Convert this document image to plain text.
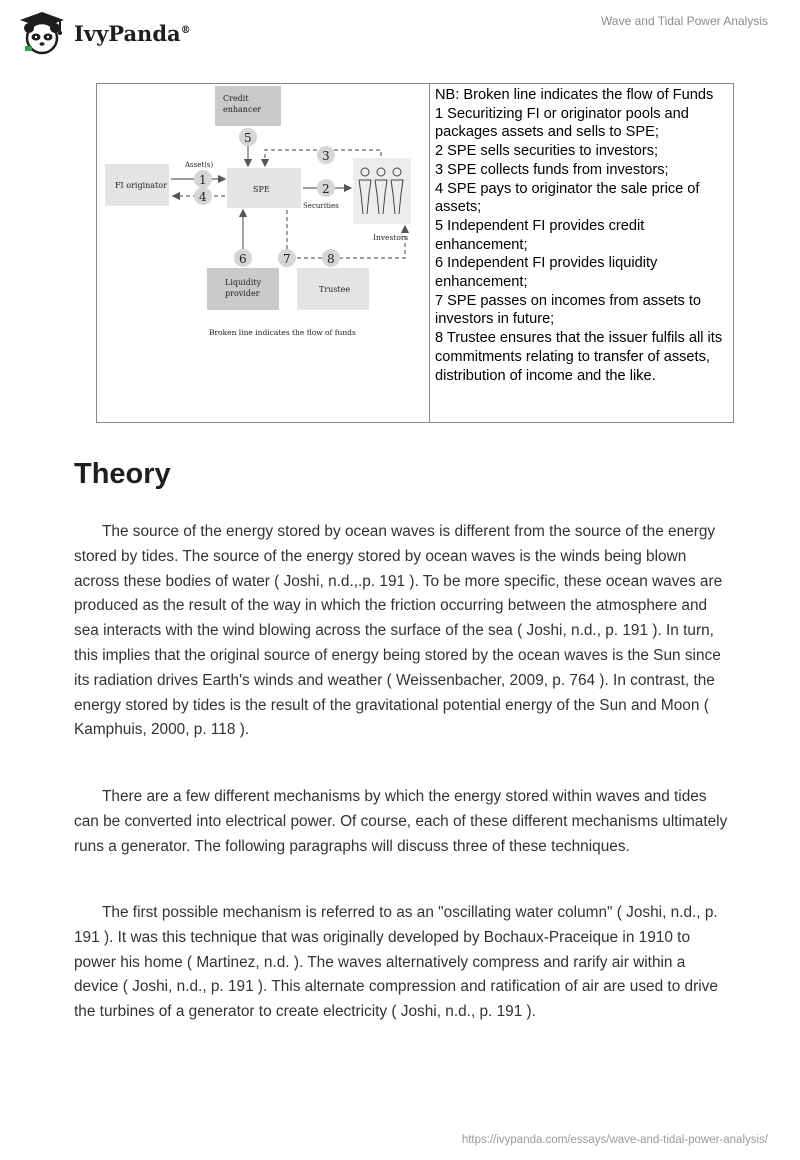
IvyPanda®
Wave and Tidal Power Analysis
Credit
enhancer
FI originator	SPE
Liquidity
provider	Trustee
Investors
Asset(s)
Securities
5
1
4
3
2
6	7	8
Broken line indicates the flow of funds
NB: Broken line indicates the flow of Funds
1 Securitizing FI or originator pools and packages assets and sells to SPE;
2 SPE sells securities to investors;
3 SPE collects funds from investors;
4 SPE pays to originator the sale price of assets;
5 Independent FI provides credit enhancement;
6 Independent FI provides liquidity enhancement;
7 SPE passes on incomes from assets to investors in future;
8 Trustee ensures that the issuer fulfils all its commitments relating to transfer of assets, distribution of income and the like.
Theory

The source of the energy stored by ocean waves is different from the source of the energy stored by tides. The source of the energy stored by ocean waves is the winds being blown across these bodies of water ( Joshi, n.d.,.p. 191 ). To be more specific, these ocean waves are produced as the result of the way in which the friction occurring between the atmosphere and sea interacts with the wind blowing across the surface of the sea ( Joshi, n.d., p. 191 ). In turn, this implies that the original source of energy being stored by the ocean waves is the Sun since its radiation drives Earth's winds and weather ( Weissenbacher, 2009, p. 764 ). In contrast, the energy stored by tides is the result of the gravitational potential energy of the Sun and Moon ( Kamphuis, 2000, p. 118 ).

There are a few different mechanisms by which the energy stored within waves and tides can be converted into electrical power. Of course, each of these different mechanisms ultimately runs a generator. The following paragraphs will discuss three of these techniques.

The first possible mechanism is referred to as an "oscillating water column" ( Joshi, n.d., p. 191 ). It was this technique that was originally developed by Bochaux-Praceique in 1910 to power his home ( Martinez, n.d. ). The waves alternatively compress and rarify air within a device ( Joshi, n.d., p. 191 ). This alternate compression and ratification of air are used to drive the turbines of a generator to create electricity ( Joshi, n.d., p. 191 ).

https://ivypanda.com/essays/wave-and-tidal-power-analysis/
